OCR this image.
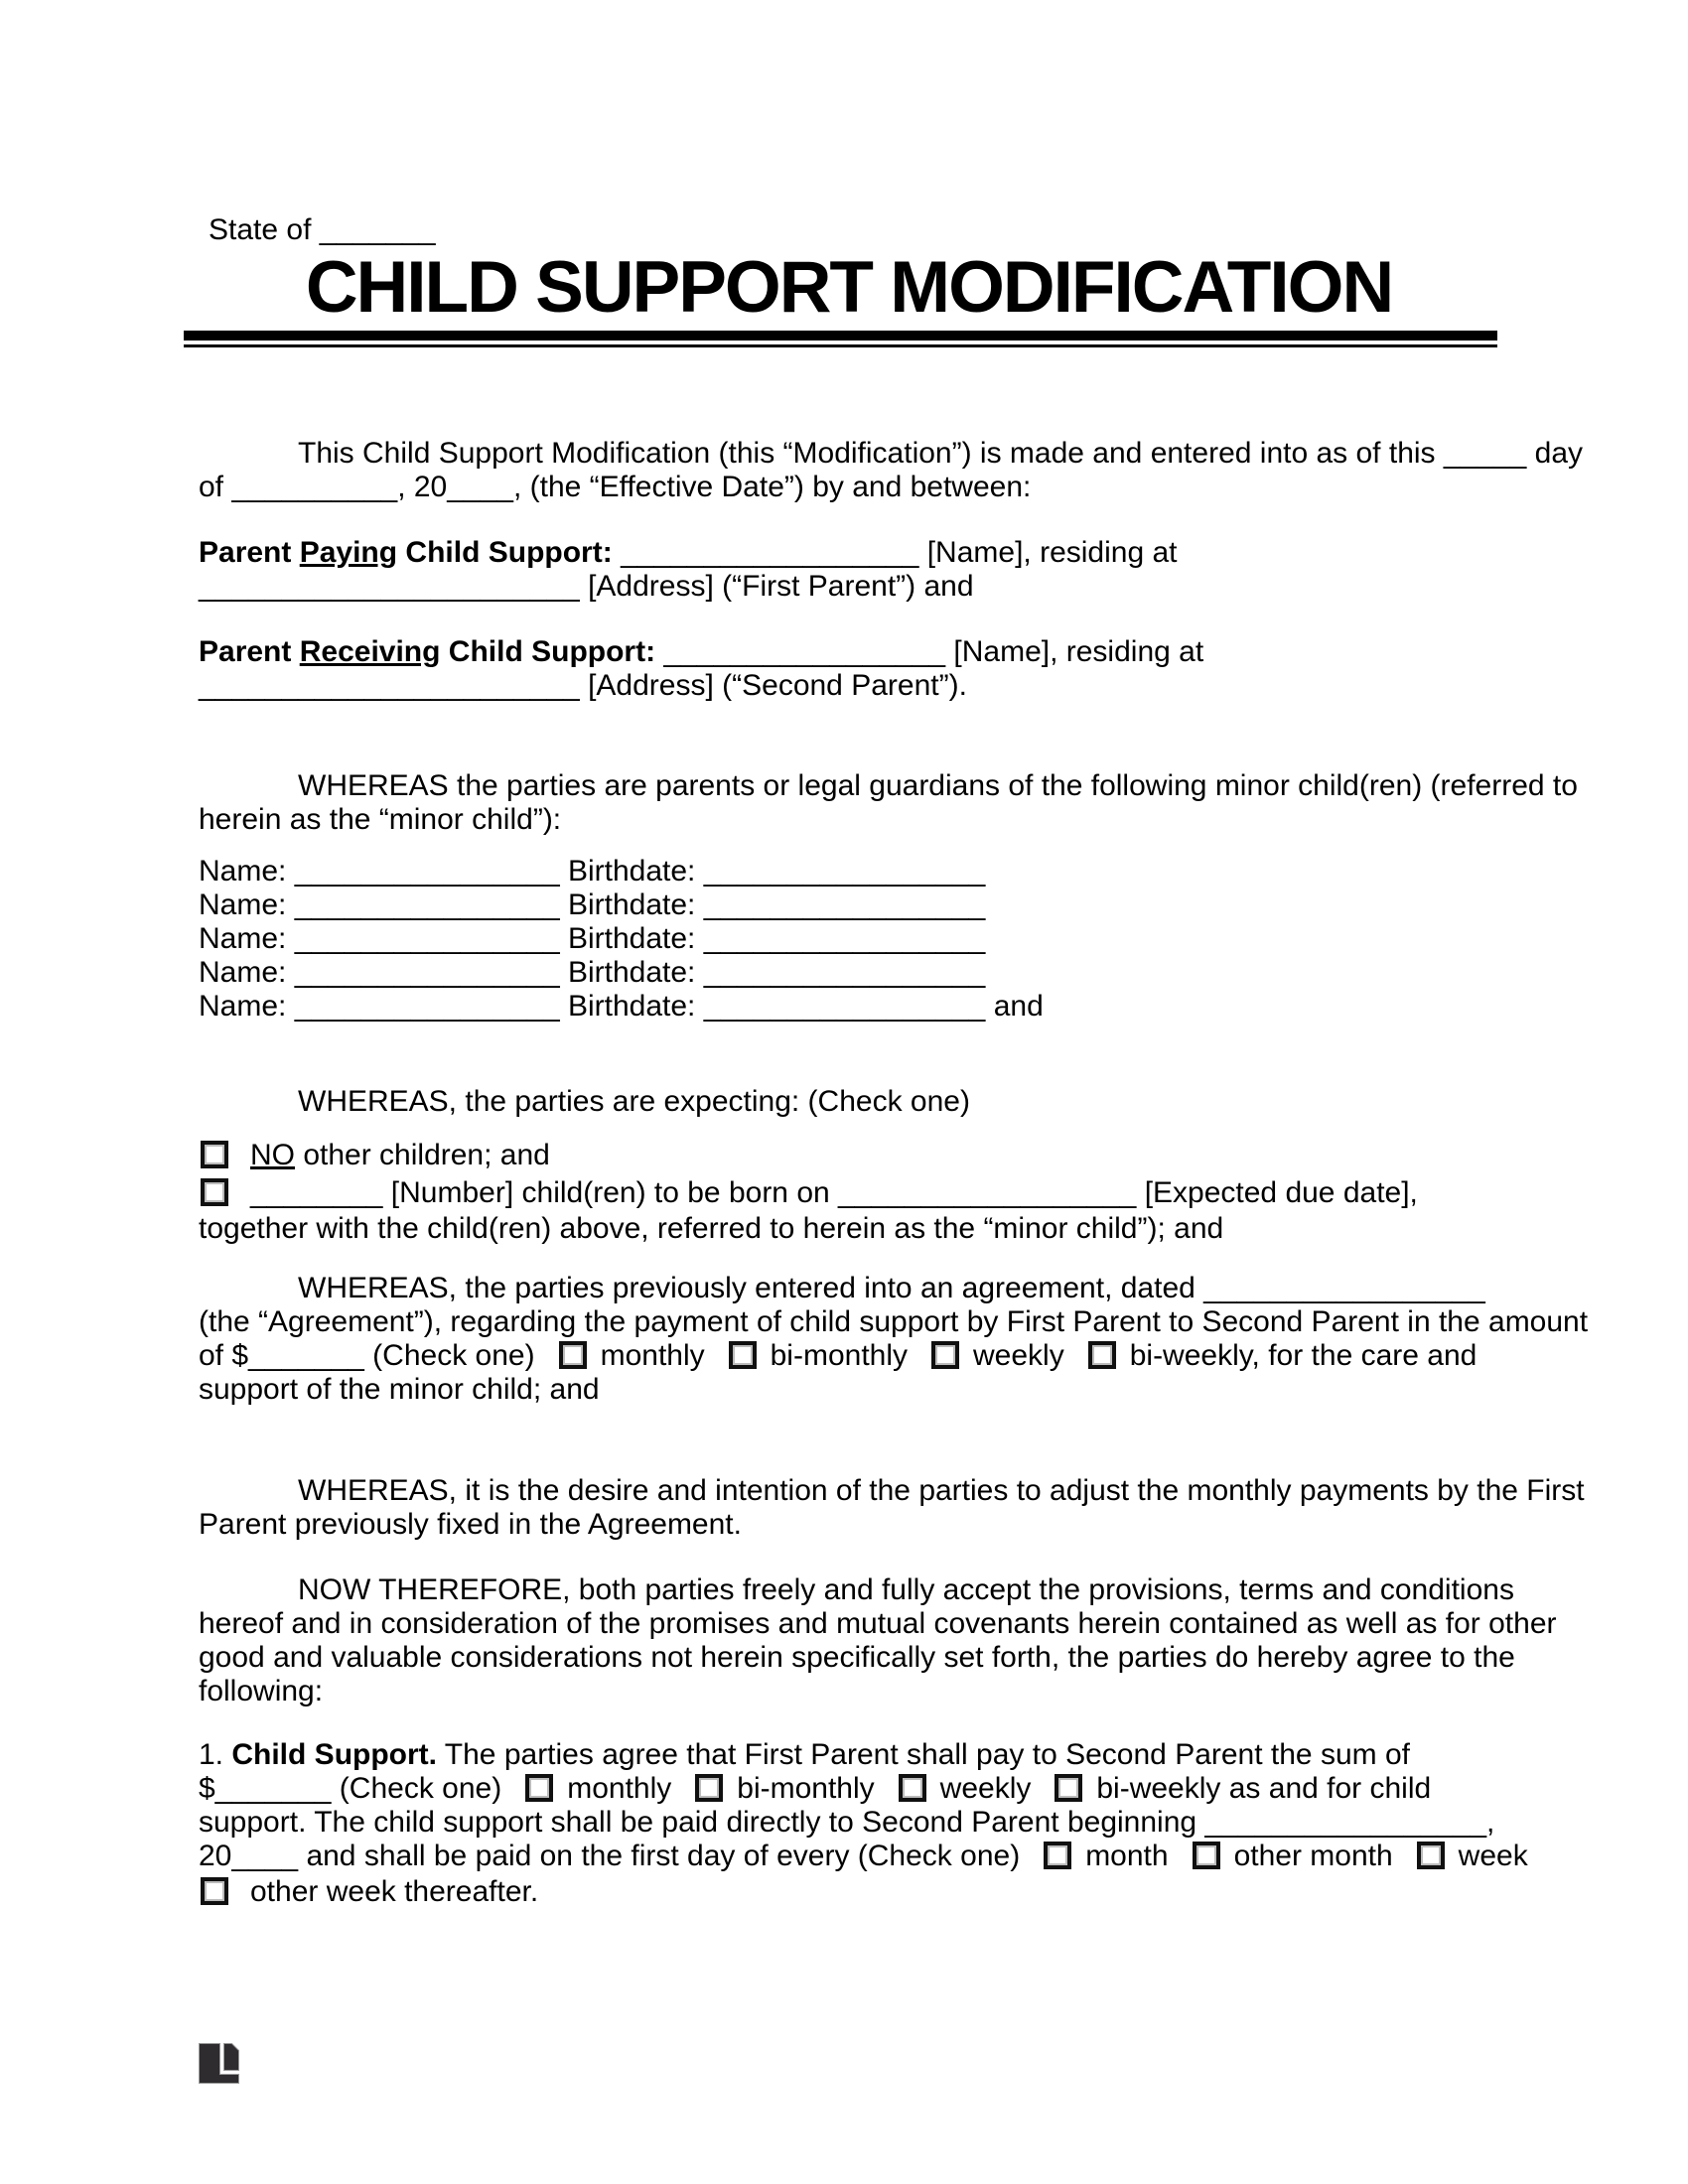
State of _______
CHILD SUPPORT MODIFICATION
This Child Support Modification (this “Modification”) is made and entered into as of this _____ day
of __________, 20____, (the “Effective Date”) by and between:
Parent Paying Child Support: __________________ [Name], residing at
_______________________ [Address] (“First Parent”) and
Parent Receiving Child Support: _________________ [Name], residing at
_______________________ [Address] (“Second Parent”).
WHEREAS the parties are parents or legal guardians of the following minor child(ren) (referred to
herein as the “minor child”):
Name: ________________ Birthdate: _________________
Name: ________________ Birthdate: _________________
Name: ________________ Birthdate: _________________
Name: ________________ Birthdate: _________________
Name: ________________ Birthdate: _________________ and
WHEREAS, the parties are expecting: (Check one)
NO other children; and
________ [Number] child(ren) to be born on __________________ [Expected due date],
together with the child(ren) above, referred to herein as the “minor child”); and
WHEREAS, the parties previously entered into an agreement, dated _________________
(the “Agreement”), regarding the payment of child support by First Parent to Second Parent in the amount
of $_______ (Check one) monthly bi-monthly weekly bi-weekly, for the care and
support of the minor child; and
WHEREAS, it is the desire and intention of the parties to adjust the monthly payments by the First
Parent previously fixed in the Agreement.
NOW THEREFORE, both parties freely and fully accept the provisions, terms and conditions
hereof and in consideration of the promises and mutual covenants herein contained as well as for other
good and valuable considerations not herein specifically set forth, the parties do hereby agree to the
following:
1. Child Support. The parties agree that First Parent shall pay to Second Parent the sum of
$_______ (Check one) monthly bi-monthly weekly bi-weekly as and for child
support. The child support shall be paid directly to Second Parent beginning _________________,
20____ and shall be paid on the first day of every (Check one) month other month week
other week thereafter.
